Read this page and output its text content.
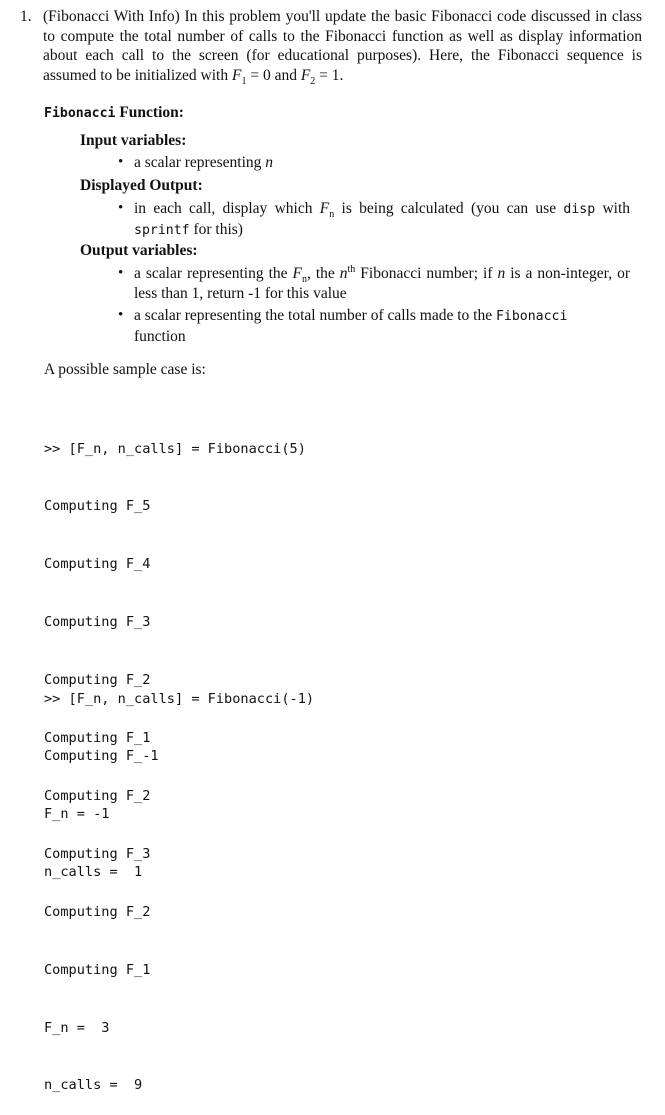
1. (Fibonacci With Info) In this problem you'll update the basic Fibonacci code discussed in class to compute the total number of calls to the Fibonacci function as well as display information about each call to the screen (for educational purposes). Here, the Fibonacci sequence is assumed to be initialized with $F_1 = 0$ and $F_2 = 1$.
Fibonacci Function:
Input variables:
• a scalar representing n
Displayed Output:
• in each call, display which $F_n$ is being calculated (you can use disp with sprintf for this)
Output variables:
• a scalar representing the $F_n$, the $n^{th}$ Fibonacci number; if n is a non-integer, or less than 1, return -1 for this value
• a scalar representing the total number of calls made to the Fibonacci
function
A possible sample case is:

>> [F_n, n_calls] = Fibonacci(5)

Computing F_5

Computing F_4

Computing F_3

Computing F_2

Computing F_1

Computing F_2

Computing F_3

Computing F_2

Computing F_1

F_n =  3

n_calls =  9

>> [F_n, n_calls] = Fibonacci(-1)

Computing F_-1

F_n = -1

n_calls =  1
